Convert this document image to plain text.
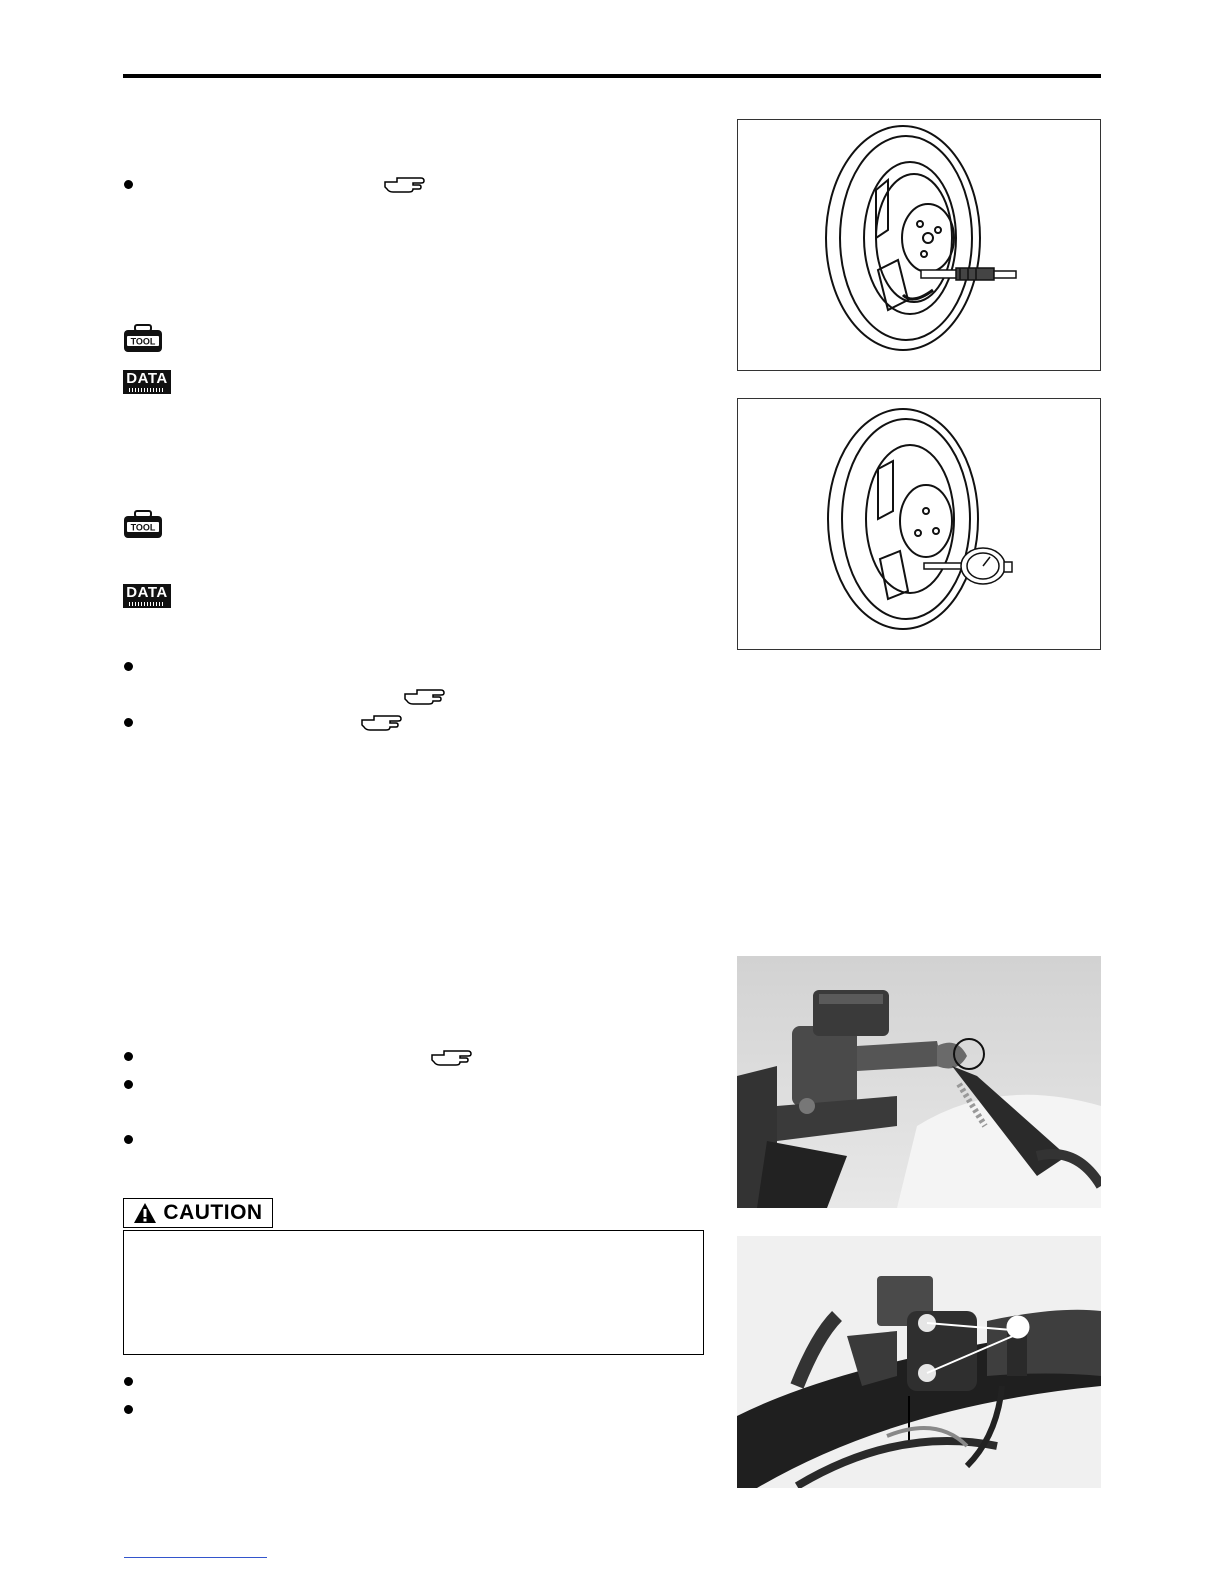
TOOL
DATA
TOOL
DATA
CAUTION
